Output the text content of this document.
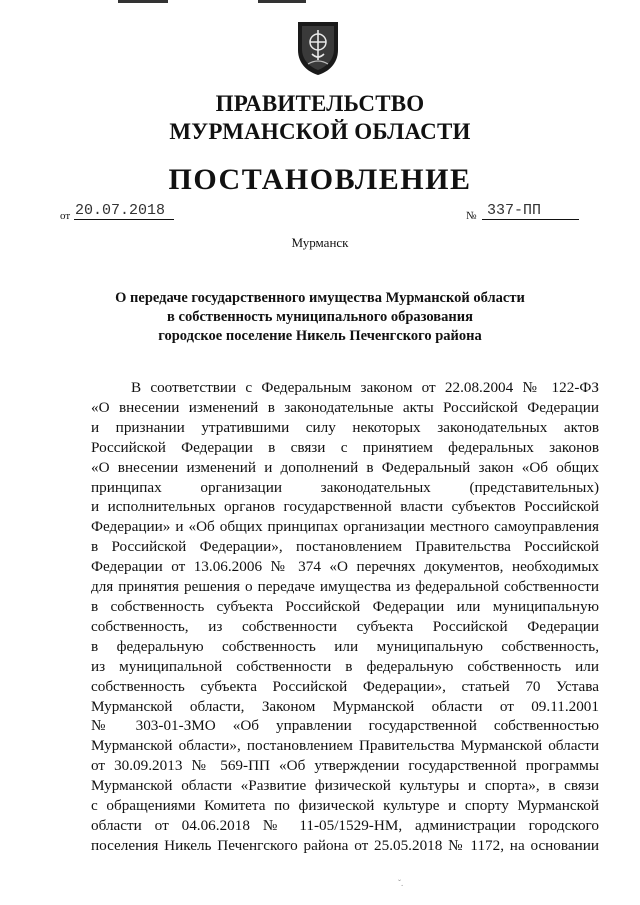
ПРАВИТЕЛЬСТВО
МУРМАНСКОЙ ОБЛАСТИ
ПОСТАНОВЛЕНИЕ
от 20.07.2018	№ 337-ПП
Мурманск
О передаче государственного имущества Мурманской области
в собственность муниципального образования
городское поселение Никель Печенгского района
В соответствии с Федеральным законом от 22.08.2004 № 122-ФЗ
«О внесении изменений в законодательные акты Российской Федерации
и признании утратившими силу некоторых законодательных актов
Российской Федерации в связи с принятием федеральных законов
«О внесении изменений и дополнений в Федеральный закон «Об общих
принципах организации законодательных (представительных)
и исполнительных органов государственной власти субъектов Российской
Федерации» и «Об общих принципах организации местного самоуправления
в Российской Федерации», постановлением Правительства Российской
Федерации от 13.06.2006 № 374 «О перечнях документов, необходимых
для принятия решения о передаче имущества из федеральной собственности
в собственность субъекта Российской Федерации или муниципальную
собственность, из собственности субъекта Российской Федерации
в федеральную собственность или муниципальную собственность,
из муниципальной собственности в федеральную собственность или
собственность субъекта Российской Федерации», статьей 70 Устава
Мурманской области, Законом Мурманской области от 09.11.2001
№ 303-01-ЗМО «Об управлении государственной собственностью
Мурманской области», постановлением Правительства Мурманской области
от 30.09.2013 № 569-ПП «Об утверждении государственной программы
Мурманской области «Развитие физической культуры и спорта», в связи
с обращениями Комитета по физической культуре и спорту Мурманской
области от 04.06.2018 № 11-05/1529-НМ, администрации городского
поселения Никель Печенгского района от 25.05.2018 № 1172, на основании
ˇ.
